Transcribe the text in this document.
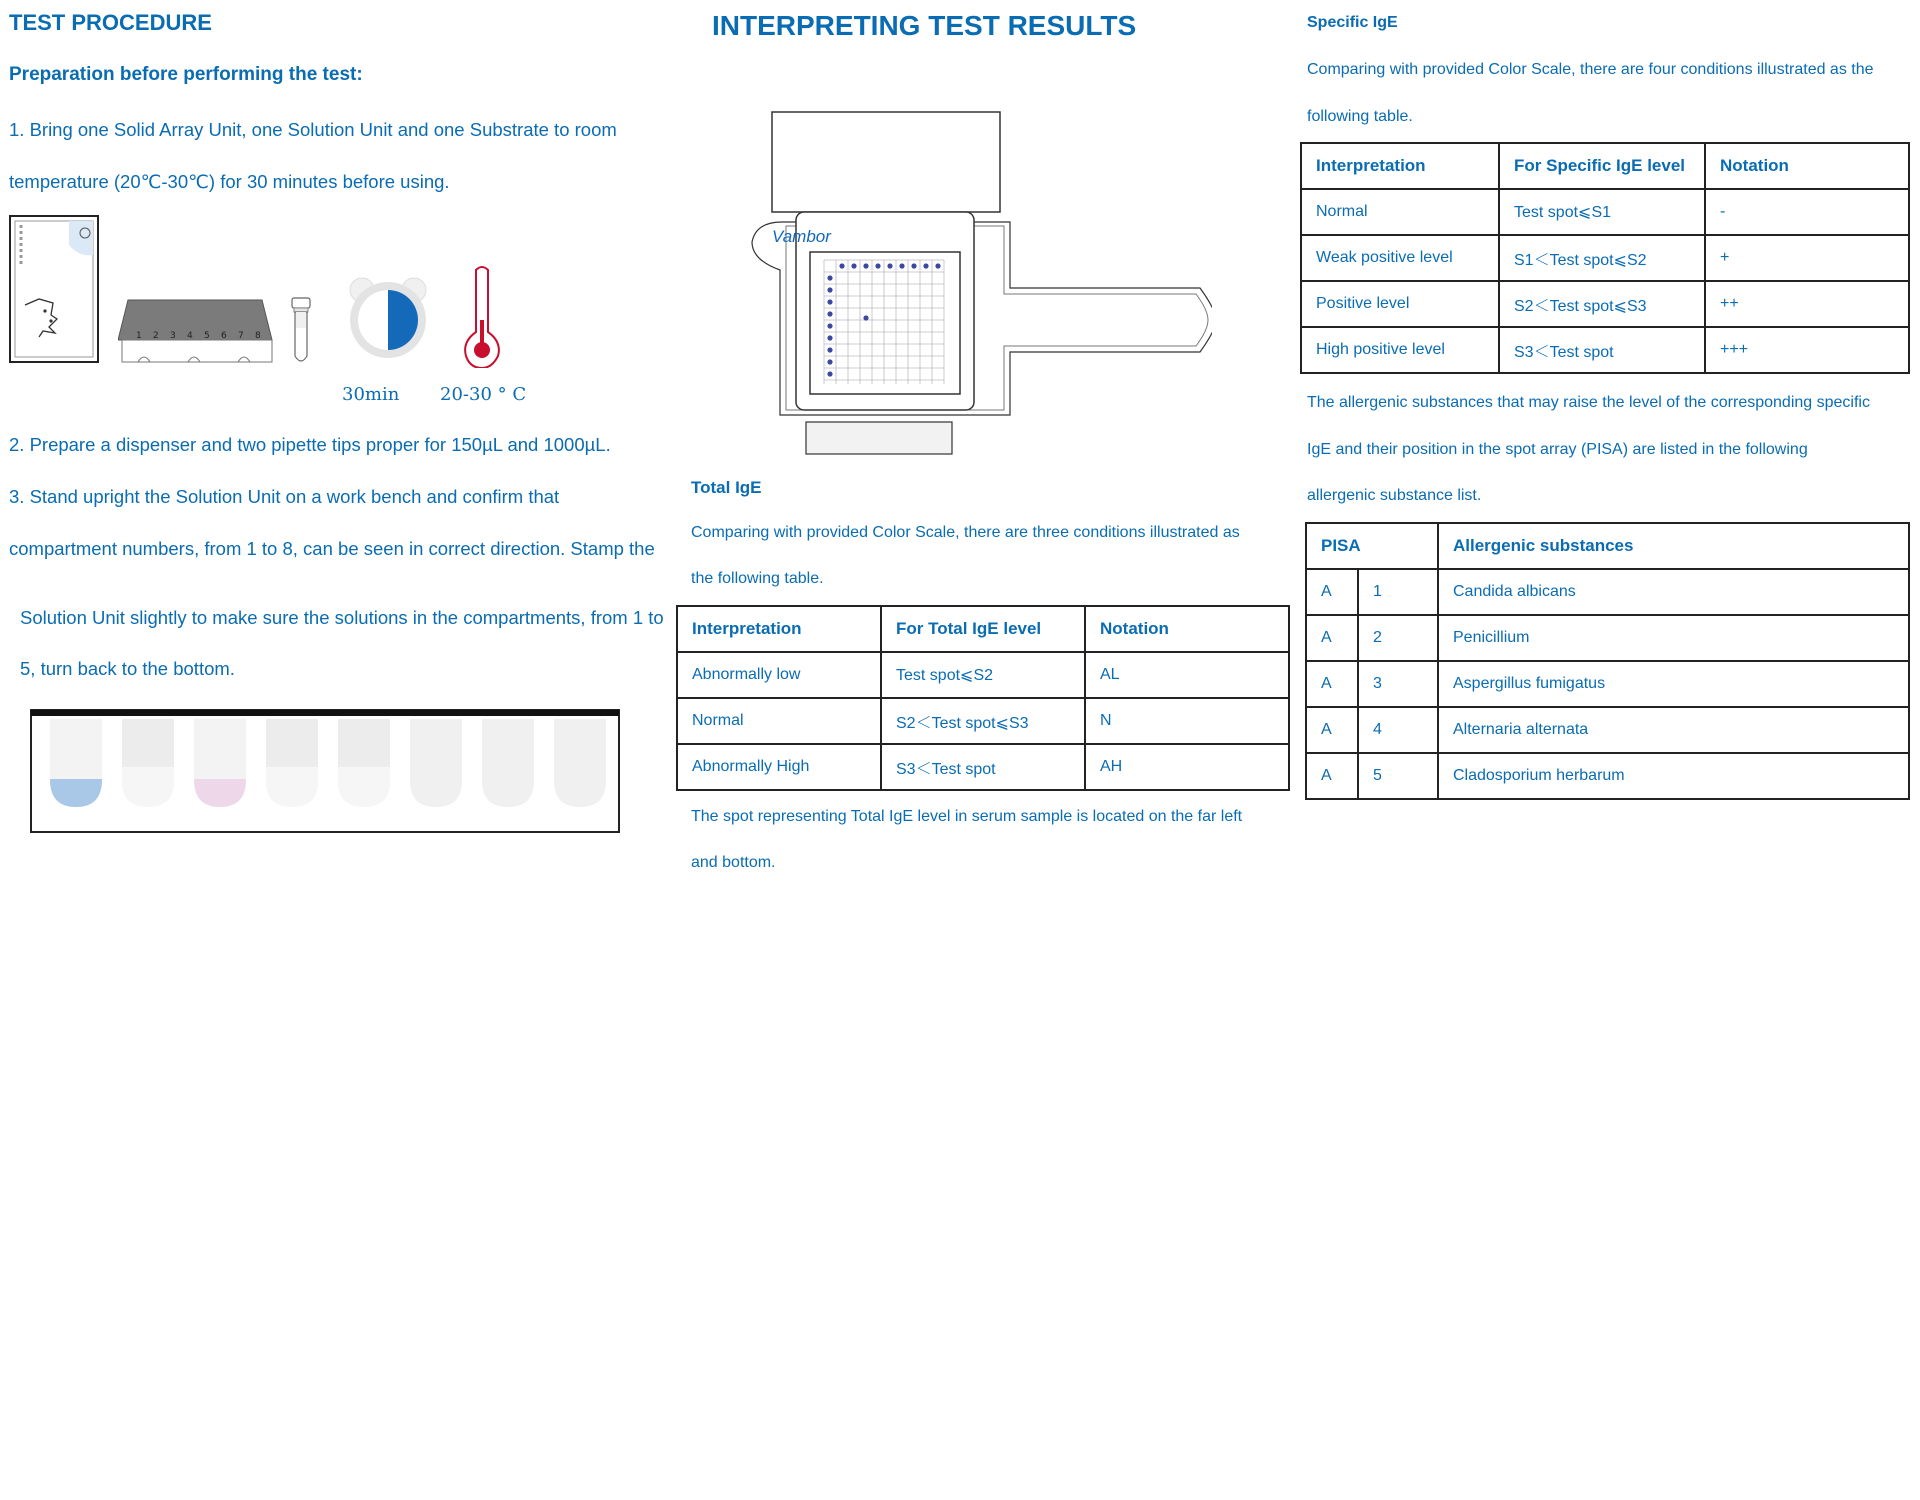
TEST PROCEDURE
Preparation before performing the test:
1. Bring one Solid Array Unit, one Solution Unit and one Substrate to room
temperature (20℃-30℃) for 30 minutes before using.
1 2 3 4 5 6 7 8
30min 20-30 ° C
2. Prepare a dispenser and two pipette tips proper for 150µL and 1000µL.
3. Stand upright the Solution Unit on a work bench and confirm that
compartment numbers, from 1 to 8, can be seen in correct direction. Stamp the
Solution Unit slightly to make sure the solutions in the compartments, from 1 to
5, turn back to the bottom.
INTERPRETING TEST RESULTS
Vambor
Total IgE
Comparing with provided Color Scale, there are three conditions illustrated as
the following table.
Interpretation	For Total IgE level	Notation
Abnormally low	Test spot⩽S2	AL
Normal	S2＜Test spot⩽S3	N
Abnormally High	S3＜Test spot	AH
The spot representing Total IgE level in serum sample is located on the far left
and bottom.
Specific IgE
Comparing with provided Color Scale, there are four conditions illustrated as the
following table.
Interpretation	For Specific IgE level	Notation
Normal	Test spot⩽S1	-
Weak positive level	S1＜Test spot⩽S2	+
Positive level	S2＜Test spot⩽S3	++
High positive level	S3＜Test spot	+++
The allergenic substances that may raise the level of the corresponding specific
IgE and their position in the spot array (PISA) are listed in the following
allergenic substance list.
PISA		Allergenic substances
A	1	Candida albicans
A	2	Penicillium
A	3	Aspergillus fumigatus
A	4	Alternaria alternata
A	5	Cladosporium herbarum
